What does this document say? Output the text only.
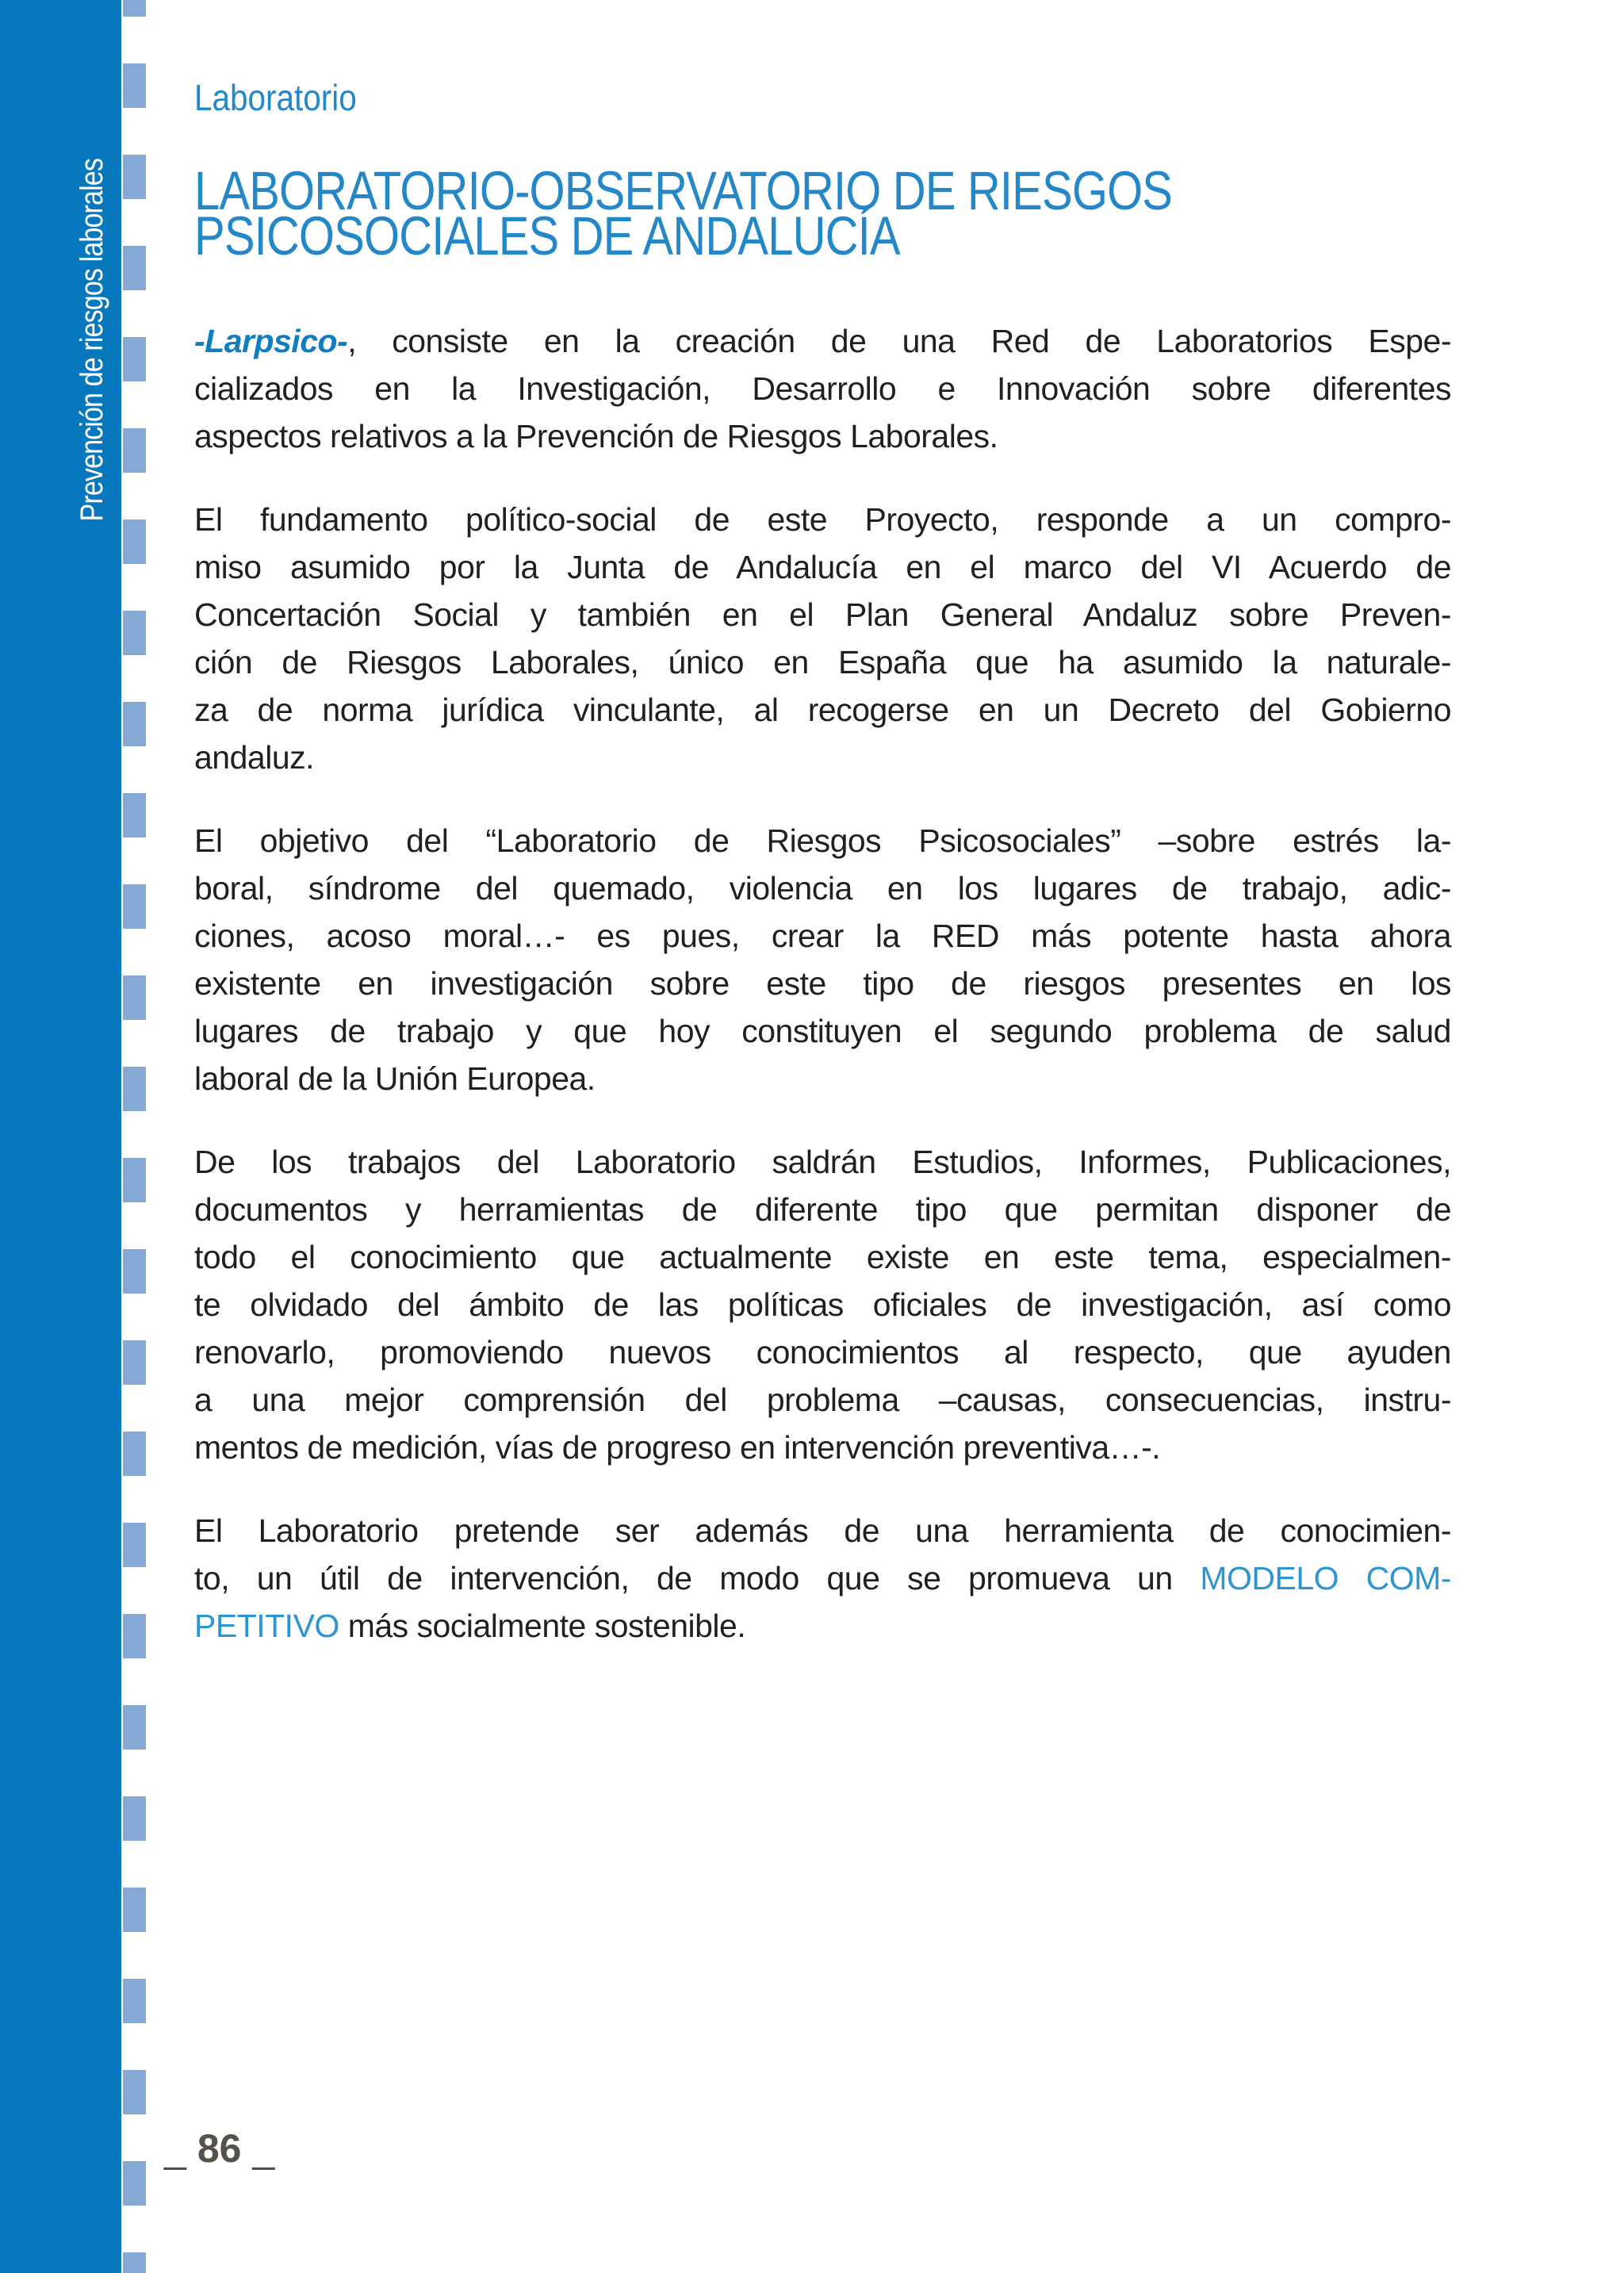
Prevención de riesgos laborales
Laboratorio
LABORATORIO-OBSERVATORIO DE RIESGOS
PSICOSOCIALES DE ANDALUCÍA
-Larpsico-, consiste en la creación de una Red de Laboratorios Espe-
cializados en la Investigación, Desarrollo e Innovación sobre diferentes
aspectos relativos a la Prevención de Riesgos Laborales.
El fundamento político-social de este Proyecto, responde a un compro-
miso asumido por la Junta de Andalucía en el marco del VI Acuerdo de
Concertación Social y también en el Plan General Andaluz sobre Preven-
ción de Riesgos Laborales, único en España que ha asumido la naturale-
za de norma jurídica vinculante, al recogerse en un Decreto del Gobierno
andaluz.
El objetivo del “Laboratorio de Riesgos Psicosociales” –sobre estrés la-
boral, síndrome del quemado, violencia en los lugares de trabajo, adic-
ciones, acoso moral…- es pues, crear la RED más potente hasta ahora
existente en investigación sobre este tipo de riesgos presentes en los
lugares de trabajo y que hoy constituyen el segundo problema de salud
laboral de la Unión Europea.
De los trabajos del Laboratorio saldrán Estudios, Informes, Publicaciones,
documentos y herramientas de diferente tipo que permitan disponer de
todo el conocimiento que actualmente existe en este tema, especialmen-
te olvidado del ámbito de las políticas oficiales de investigación, así como
renovarlo, promoviendo nuevos conocimientos al respecto, que ayuden
a una mejor comprensión del problema –causas, consecuencias, instru-
mentos de medición, vías de progreso en intervención preventiva…-.
El Laboratorio pretende ser además de una herramienta de conocimien-
to, un útil de intervención, de modo que se promueva un MODELO COM-
PETITIVO más socialmente sostenible.
_ 86 _
